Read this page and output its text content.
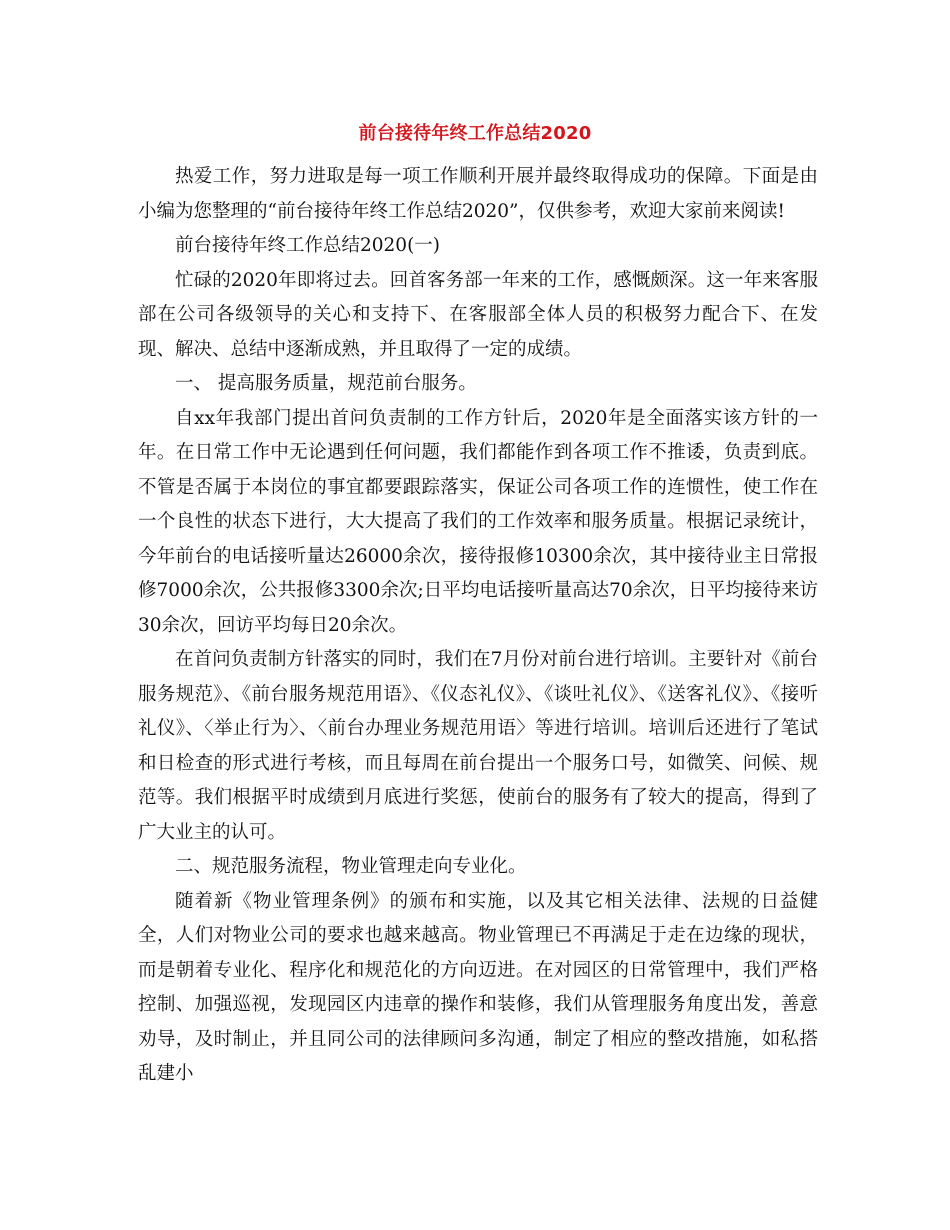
前台接待年终工作总结2020

热爱工作，努力进取是每一项工作顺利开展并最终取得成功的保障。下面是由小编为您整理的“前台接待年终工作总结2020”，仅供参考，欢迎大家前来阅读!

前台接待年终工作总结2020(一)

忙碌的2020年即将过去。回首客务部一年来的工作，感慨颇深。这一年来客服部在公司各级领导的关心和支持下、在客服部全体人员的积极努力配合下、在发现、解决、总结中逐渐成熟，并且取得了一定的成绩。

一、 提高服务质量，规范前台服务。

自xx年我部门提出首问负责制的工作方针后，2020年是全面落实该方针的一年。在日常工作中无论遇到任何问题，我们都能作到各项工作不推诿，负责到底。不管是否属于本岗位的事宜都要跟踪落实，保证公司各项工作的连惯性，使工作在一个良性的状态下进行，大大提高了我们的工作效率和服务质量。根据记录统计，今年前台的电话接听量达26000余次，接待报修10300余次，其中接待业主日常报修7000余次，公共报修3300余次;日平均电话接听量高达70余次，日平均接待来访30余次，回访平均每日20余次。

在首问负责制方针落实的同时，我们在7月份对前台进行培训。主要针对《前台服务规范》、《前台服务规范用语》、《仪态礼仪》、《谈吐礼仪》、《送客礼仪》、《接听礼仪》、〈举止行为〉、〈前台办理业务规范用语〉等进行培训。培训后还进行了笔试和日检查的形式进行考核，而且每周在前台提出一个服务口号，如微笑、问候、规范等。我们根据平时成绩到月底进行奖惩，使前台的服务有了较大的提高，得到了广大业主的认可。

二、规范服务流程，物业管理走向专业化。

随着新《物业管理条例》的颁布和实施，以及其它相关法律、法规的日益健全，人们对物业公司的要求也越来越高。物业管理已不再满足于走在边缘的现状，而是朝着专业化、程序化和规范化的方向迈进。在对园区的日常管理中，我们严格控制、加强巡视，发现园区内违章的操作和装修，我们从管理服务角度出发，善意劝导，及时制止，并且同公司的法律顾问多沟通，制定了相应的整改措施，如私搭乱建小
